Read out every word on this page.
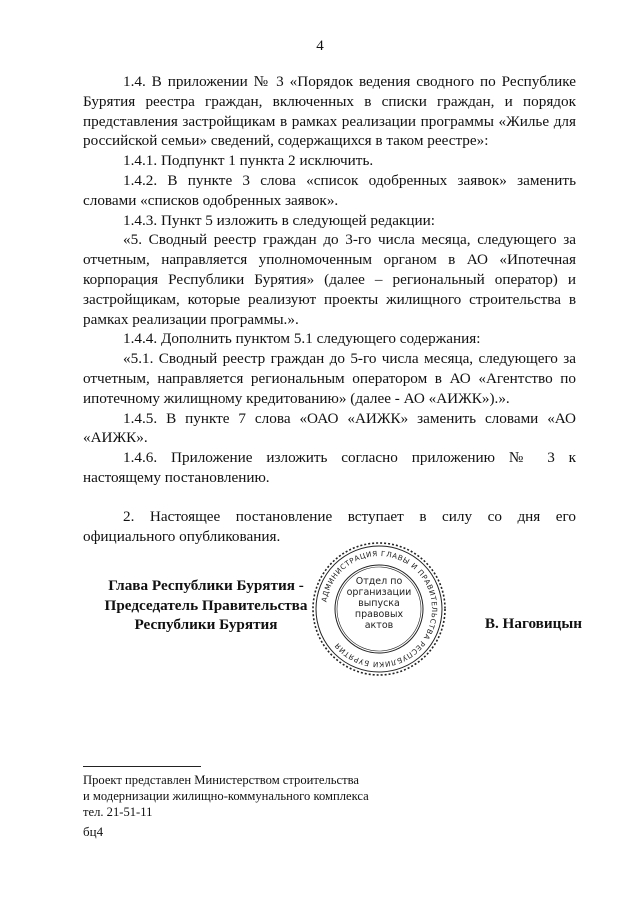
4

1.4. В приложении № 3 «Порядок ведения сводного по Республике Бурятия реестра граждан, включенных в списки граждан, и порядок представления застройщикам в рамках реализации программы «Жилье для российской семьи» сведений, содержащихся в таком реестре»:

1.4.1. Подпункт 1 пункта 2 исключить.

1.4.2. В пункте 3 слова «список одобренных заявок» заменить словами «списков одобренных заявок».

1.4.3. Пункт 5 изложить в следующей редакции:

«5. Сводный реестр граждан до 3-го числа месяца, следующего за отчетным, направляется уполномоченным органом в АО «Ипотечная корпорация Республики Бурятия» (далее – региональный оператор) и застройщикам, которые реализуют проекты жилищного строительства в рамках реализации программы.».

1.4.4. Дополнить пунктом 5.1 следующего содержания:

«5.1. Сводный реестр граждан до 5-го числа месяца, следующего за отчетным, направляется региональным оператором в АО «Агентство по ипотечному жилищному кредитованию» (далее - АО «АИЖК»).».

1.4.5. В пункте 7 слова «ОАО «АИЖК» заменить словами «АО «АИЖК».

1.4.6. Приложение изложить согласно приложению № 3 к настоящему постановлению.

2. Настоящее постановление вступает в силу со дня его официального опубликования.

Глава Республики Бурятия -
Председатель Правительства
Республики Бурятия
АДМИНИСТРАЦИЯ ГЛАВЫ И ПРАВИТЕЛЬСТВА РЕСПУБЛИКИ БУРЯТИЯ
Отдел по
организации
выпуска
правовых
актов	В. Наговицын
Проект представлен Министерством строительства
и модернизации жилищно-коммунального комплекса
тел. 21-51-11
бц4
